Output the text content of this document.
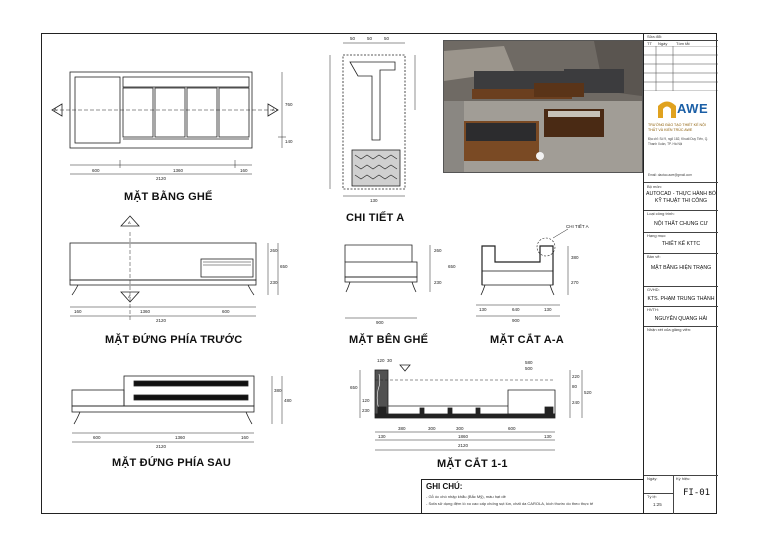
A	A
A
A
MẶT BẰNG GHẾ
CHI TIẾT A
MẶT ĐỨNG PHÍA TRƯỚC	MẶT BÊN GHẾ	MẶT CẮT A-A
MẶT ĐỨNG PHÍA SAU	MẶT CẮT 1-1
600	1360	160
2120
760
140
50	50	50
130
160	1360	600
2120
260
230
650
900
260
230
650
130	640	130
900
380
270
CHI TIẾT A
600	1360	160
2120
380
480
120 30	580
500
380	300	300	600
130	1860	130
2120
650
120
230
220
80
240
520
Sửa đổi:
TT Ngày Tóm tắt
AWE
TRƯỜNG ĐÀO TẠO THIẾT KẾ NỘI THẤT VÀ KIẾN TRÚC AWE
Địa chỉ: Số 9, ngõ 182, Khuất Duy Tiến, Q. Thanh Xuân, TP. Hà Nội
Email: daotao.awe@gmail.com
Bộ môn:
AUTOCAD - THỰC HÀNH BỔ KỸ THUẬT THI CÔNG
Loại công trình:
NỘI THẤT CHUNG CƯ
Hạng mục:
THIẾT KẾ KTTC
Bản vẽ:
MẶT BẰNG HIỆN TRẠNG
GVHD:
KTS. PHẠM TRUNG THÀNH
HVTH:
NGUYỄN QUANG HẢI
Nhận xét của giảng viên:
Ngày:	Ký hiệu:
Tỷ lệ:
1:25
FI-01
GHI CHÚ:
- Gỗ óc chó nhập khẩu (Bắc Mỹ), màu hạt dẻ
- Sofa sử dụng đệm lò xo cao cấp chống sụt lún, chất da CAROLA, kích thước do theo thực tế
